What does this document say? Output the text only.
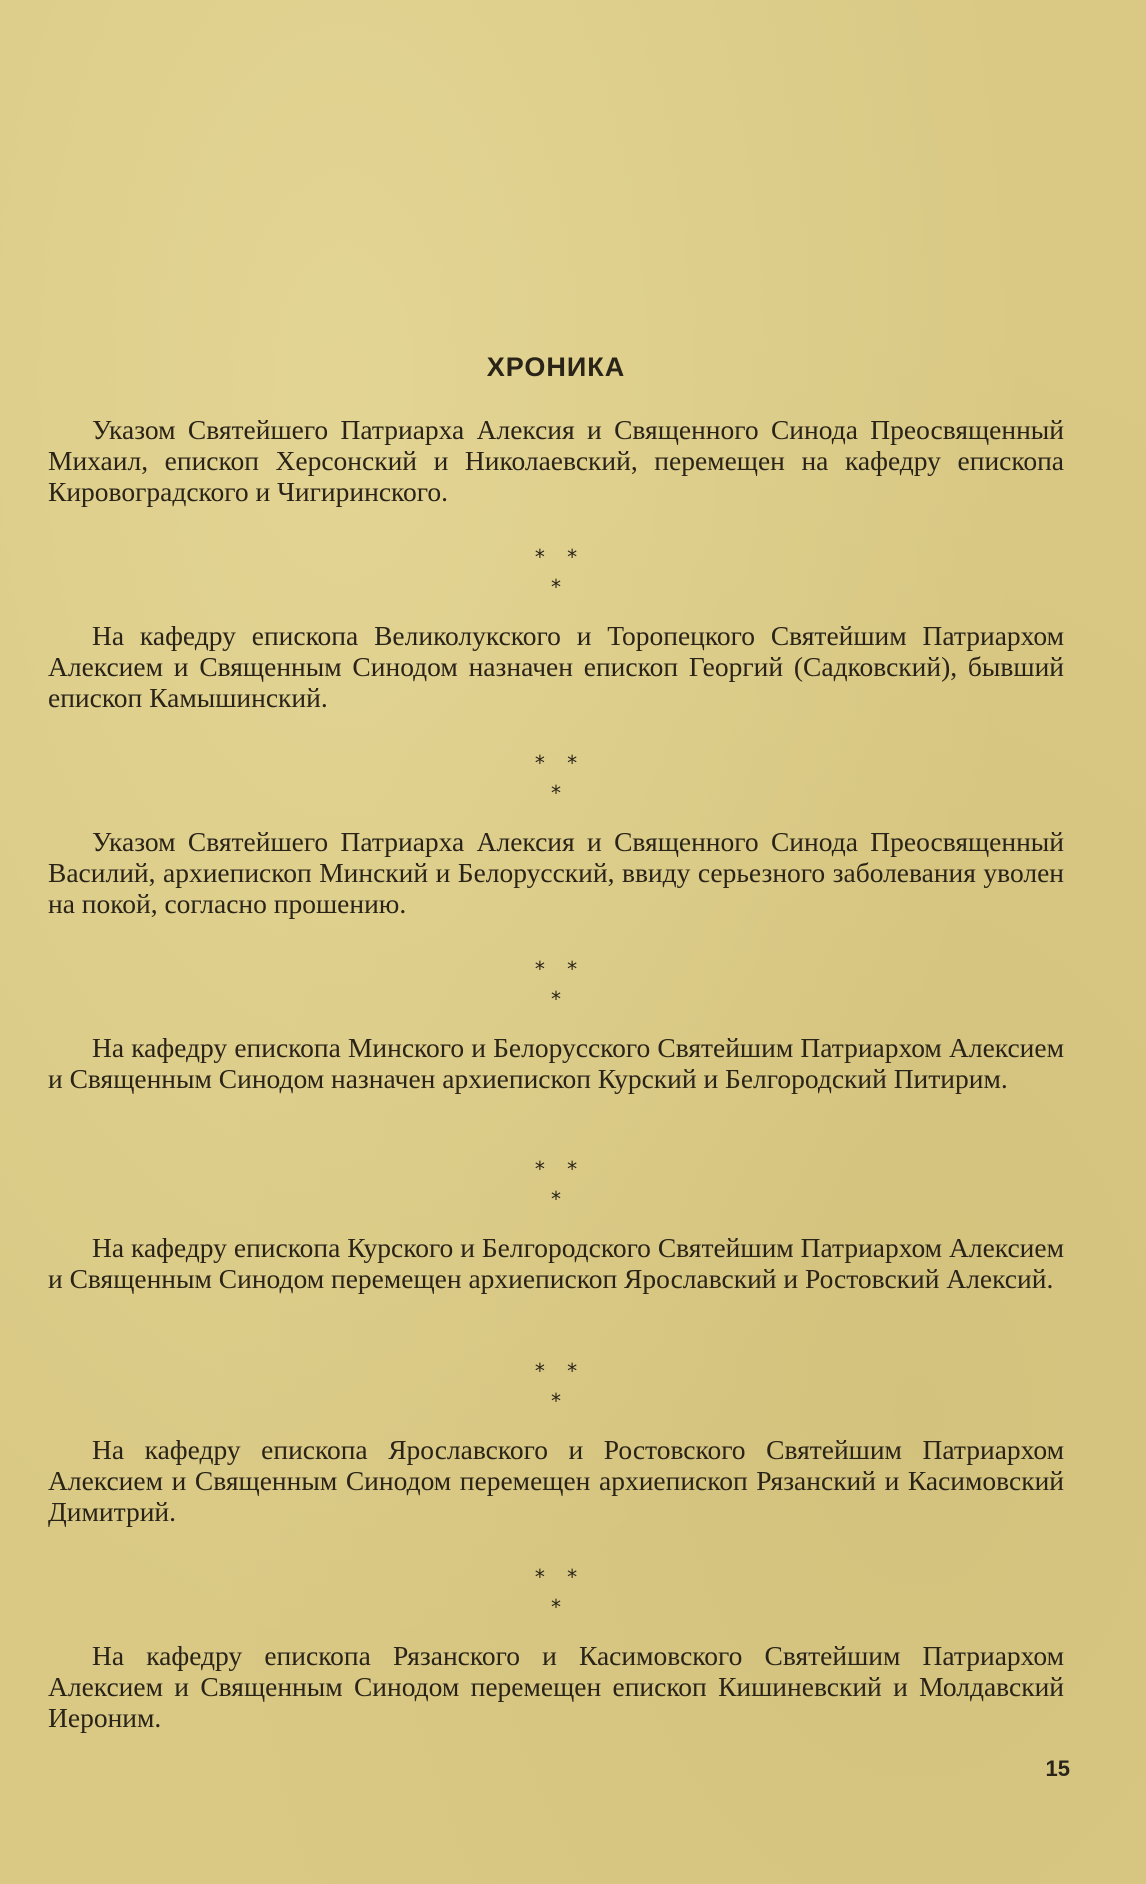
ХРОНИКА

Указом Святейшего Патриарха Алексия и Священного Синода Преосвященный Михаил, епископ Херсонский и Николаевский, перемещен на кафедру епископа Кировоградского и Чигиринского.

* *
*

На кафедру епископа Великолукского и Торопецкого Святейшим Патриархом Алексием и Священным Синодом назначен епископ Георгий (Садковский), бывший епископ Камышинский.

* *
*

Указом Святейшего Патриарха Алексия и Священного Синода Преосвященный Василий, архиепископ Минский и Белорусский, ввиду серьезного заболевания уволен на покой, согласно прошению.

* *
*

На кафедру епископа Минского и Белорусского Святейшим Патриархом Алексием и Священным Синодом назначен архиепископ Курский и Белгородский Питирим.

* *
*

На кафедру епископа Курского и Белгородского Святейшим Патриархом Алексием и Священным Синодом перемещен архиепископ Ярославский и Ростовский Алексий.

* *
*

На кафедру епископа Ярославского и Ростовского Святейшим Патриархом Алексием и Священным Синодом перемещен архиепископ Рязанский и Касимовский Димитрий.

* *
*

На кафедру епископа Рязанского и Касимовского Святейшим Патриархом Алексием и Священным Синодом перемещен епископ Кишиневский и Молдавский Иероним.

15
